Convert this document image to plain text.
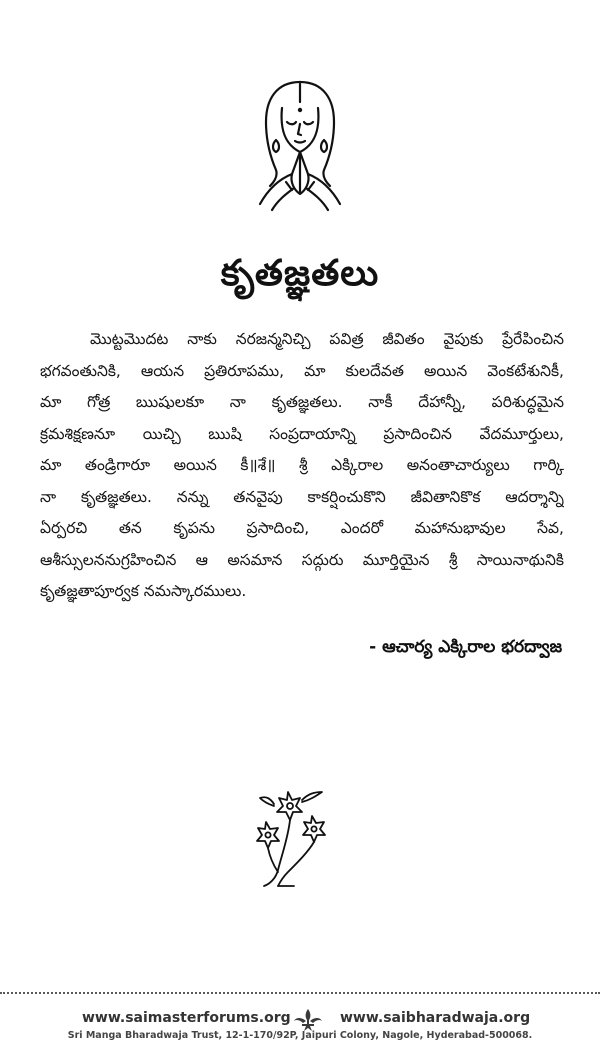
కృతజ్ఞతలు
మొట్టమొదట నాకు నరజన్మనిచ్చి పవిత్ర జీవితం వైపుకు ప్రేరేపించిన
భగవంతునికి, ఆయన ప్రతిరూపము, మా కులదేవత అయిన వెంకటేశునికీ,
మా గోత్ర ఋషులకూ నా కృతజ్ఞతలు. నాకీ దేహాన్నీ, పరిశుద్ధమైన
క్రమశిక్షణనూ యిచ్చి ఋషి సంప్రదాయాన్ని ప్రసాదించిన వేదమూర్తులు,
మా తండ్రిగారూ అయిన కీ॥శే॥ శ్రీ ఎక్కిరాల అనంతాచార్యులు గార్కి
నా కృతజ్ఞతలు. నన్ను తనవైపు కాకర్షించుకొని జీవితానికొక ఆదర్శాన్ని
ఏర్పరచి తన కృపను ప్రసాదించి, ఎందరో మహానుభావుల సేవ,
ఆశీస్సులననుగ్రహించిన ఆ అసమాన సద్గురు మూర్తియైన శ్రీ సాయినాథునికి
కృతజ్ఞతాపూర్వక నమస్కారములు.
- ఆచార్య ఎక్కిరాల భరద్వాజ
www.saimasterforums.org	www.saibharadwaja.org
Sri Manga Bharadwaja Trust, 12-1-170/92P, Jaipuri Colony, Nagole, Hyderabad-500068.
